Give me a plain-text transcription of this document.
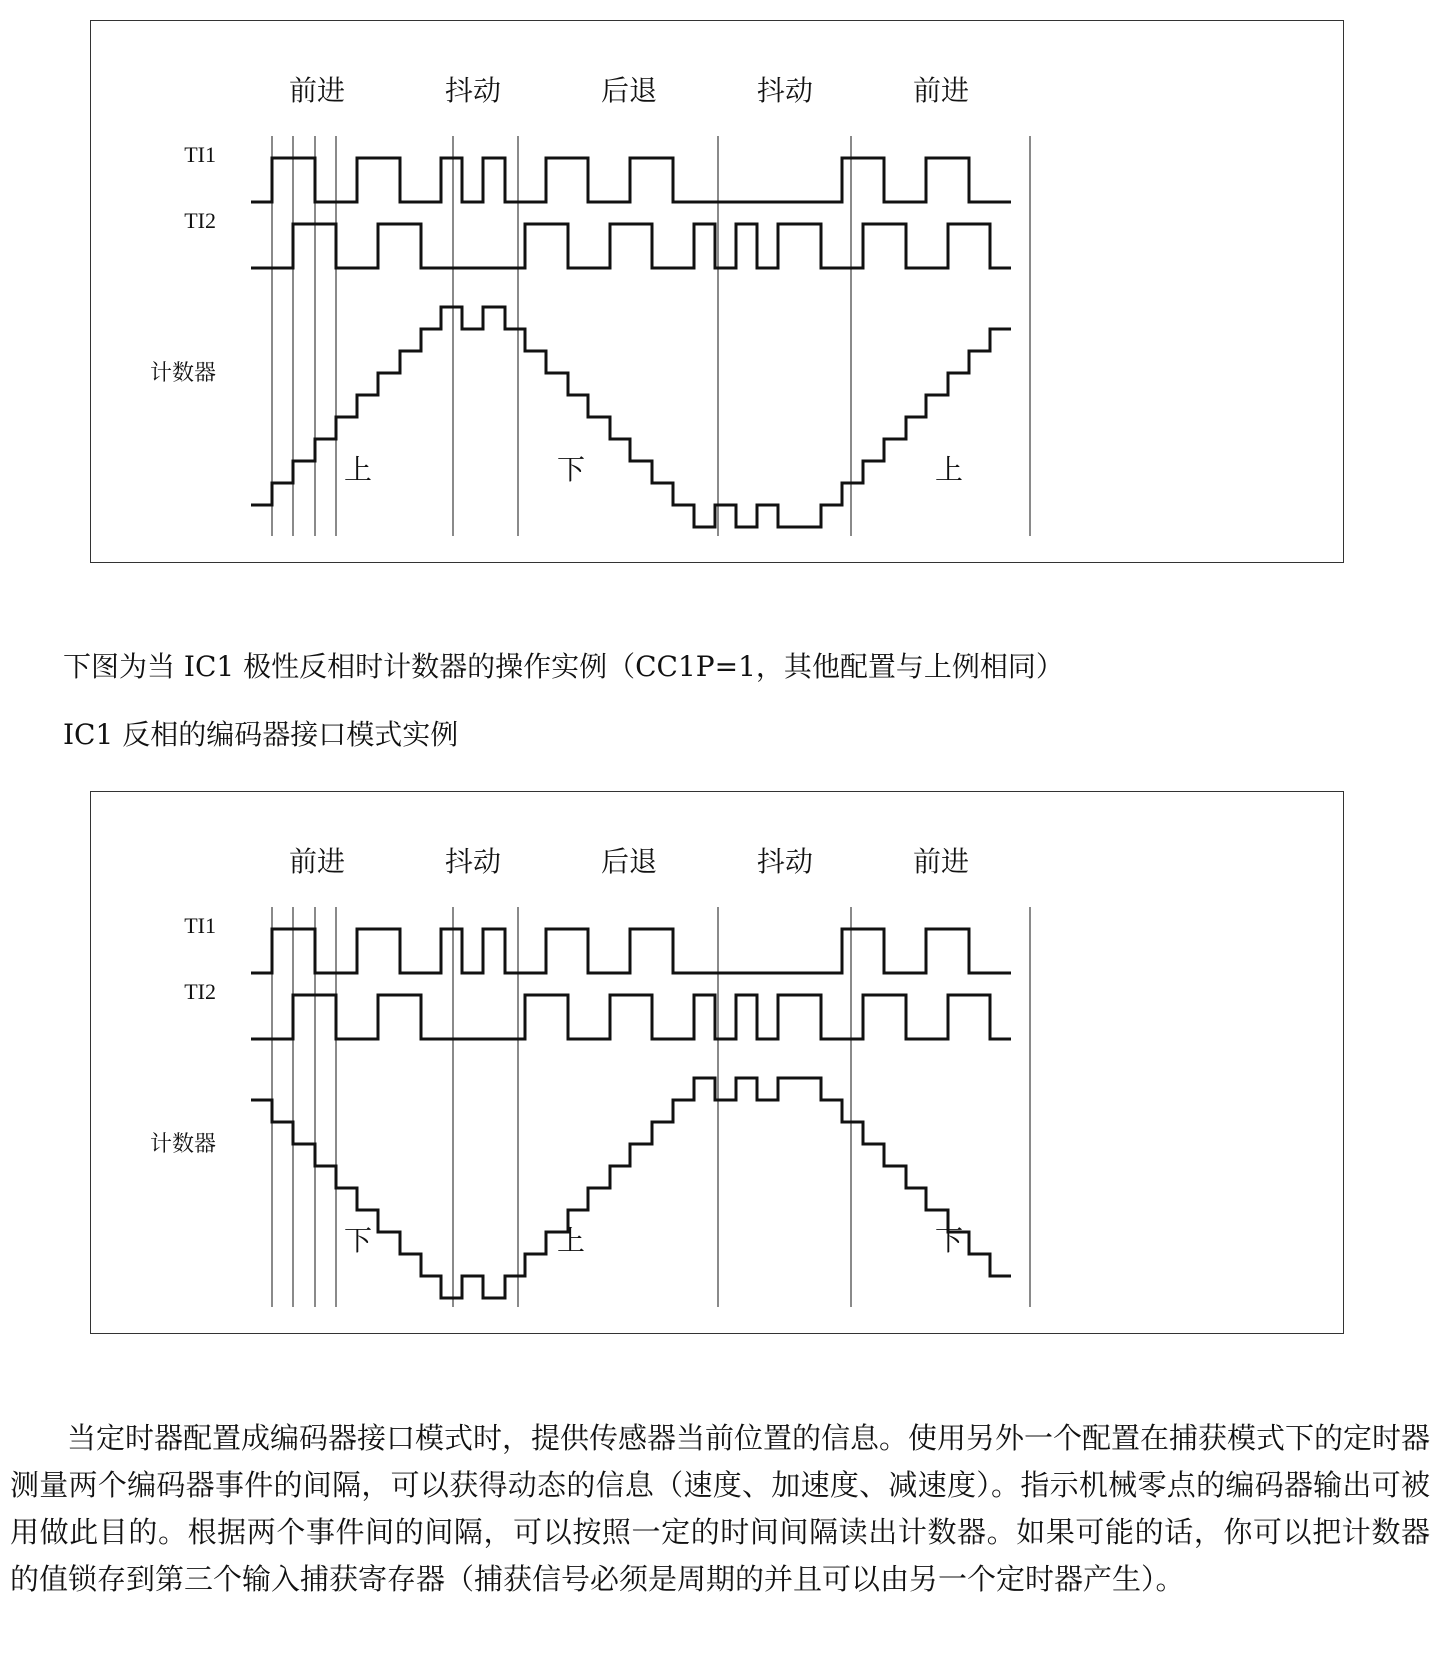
前进	抖动	后退	抖动	前进
TI1
TI2
计数器
上	下	上
下图为当 IC1 极性反相时计数器的操作实例（CC1P=1，其他配置与上例相同）
IC1 反相的编码器接口模式实例
前进	抖动	后退	抖动	前进
TI1
TI2
计数器
下	上	下
当定时器配置成编码器接口模式时，提供传感器当前位置的信息。使用另外一个配置在捕获模式下的定时器测量两个编码器事件的间隔，可以获得动态的信息（速度、加速度、减速度）。指示机械零点的编码器输出可被用做此目的。根据两个事件间的间隔，可以按照一定的时间间隔读出计数器。如果可能的话，你可以把计数器的值锁存到第三个输入捕获寄存器（捕获信号必须是周期的并且可以由另一个定时器产生）。
